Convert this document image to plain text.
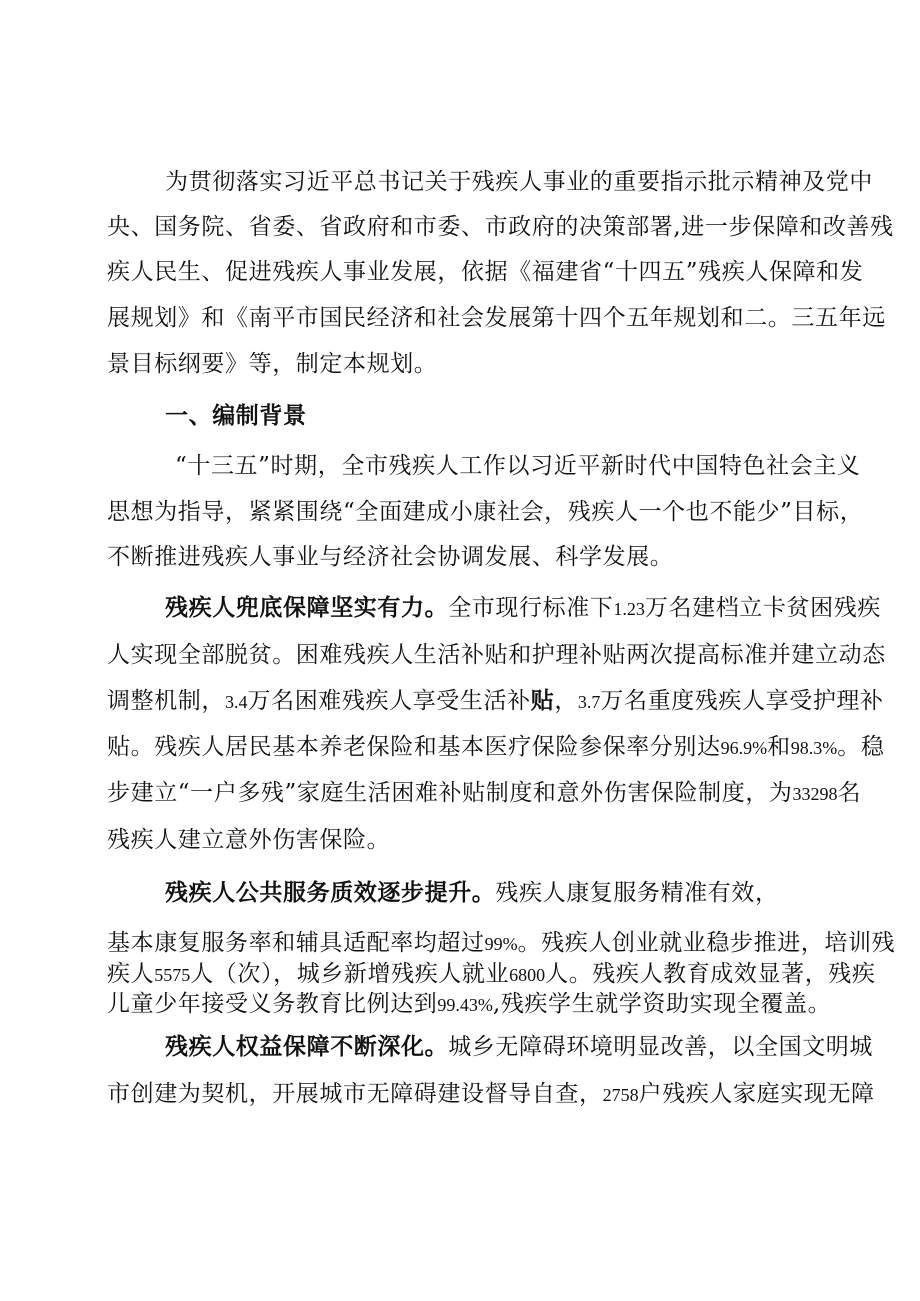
为贯彻落实习近平总书记关于残疾人事业的重要指示批示精神及党中
央、国务院、省委、省政府和市委、市政府的决策部署,进一步保障和改善残
疾人民生、促进残疾人事业发展，依据《福建省“十四五”残疾人保障和发
展规划》和《南平市国民经济和社会发展第十四个五年规划和二。三五年远
景目标纲要》等，制定本规划。
一、编制背景
“十三五”时期，全市残疾人工作以习近平新时代中国特色社会主义
思想为指导，紧紧围绕“全面建成小康社会，残疾人一个也不能少”目标，
不断推进残疾人事业与经济社会协调发展、科学发展。
残疾人兜底保障坚实有力。全市现行标准下1.23万名建档立卡贫困残疾
人实现全部脱贫。困难残疾人生活补贴和护理补贴两次提高标准并建立动态
调整机制，3.4万名困难残疾人享受生活补贴，3.7万名重度残疾人享受护理补
贴。残疾人居民基本养老保险和基本医疗保险参保率分别达96.9%和98.3%。稳
步建立“一户多残”家庭生活困难补贴制度和意外伤害保险制度，为33298名
残疾人建立意外伤害保险。
残疾人公共服务质效逐步提升。残疾人康复服务精准有效，
基本康复服务率和辅具适配率均超过99%。残疾人创业就业稳步推进，培训残
疾人5575人（次），城乡新增残疾人就业6800人。残疾人教育成效显著，残疾
儿童少年接受义务教育比例达到99.43%,残疾学生就学资助实现全覆盖。
残疾人权益保障不断深化。城乡无障碍环境明显改善，以全国文明城
市创建为契机，开展城市无障碍建设督导自查，2758户残疾人家庭实现无障
